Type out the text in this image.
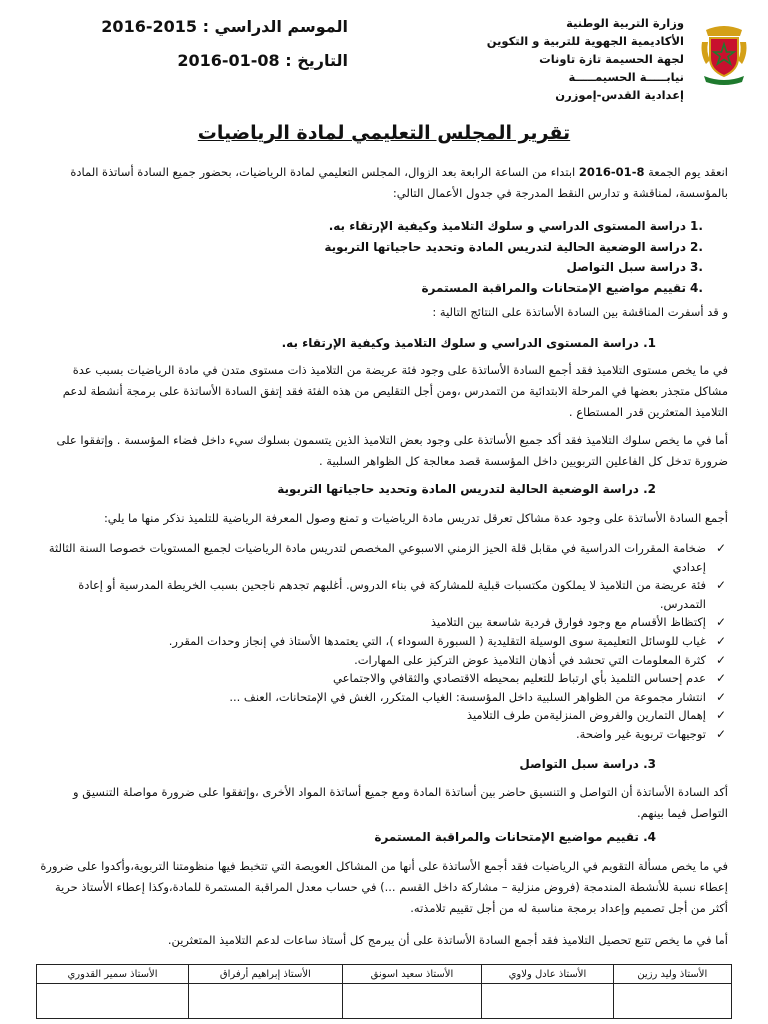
وزارة التربية الوطنية
الأكاديمية الجهوية للتربية و التكوين
لجهة الحسيمة تازة تاونات
نيابـــــة الحسيمـــــة
إعدادية القدس-إموزرن
الموسم الدراسي : 2015-2016
التاريخ : 08-01-2016
تقرير المجلس التعليمي لمادة الرياضيات
انعقد يوم الجمعة 8-01-2016 ابتداء من الساعة الرابعة بعد الزوال، المجلس التعليمي لمادة الرياضيات، بحضور جميع السادة أساتذة المادة بالمؤسسة، لمناقشة و تدارس النقط المدرجة في جدول الأعمال التالي:
.1
دراسة المستوى الدراسي و سلوك التلاميذ وكيفية الإرتقاء به.
.2
دراسة الوضعية الحالية لتدريس المادة وتحديد حاجياتها التربوية
.3
دراسة سبل التواصل
.4
تقييم مواضيع الإمتحانات والمراقبة المستمرة
و قد أسفرت المناقشة بين السادة الأساتذة على النتائج التالية :
1. دراسة المستوى الدراسي و سلوك التلاميذ وكيفية الإرتقاء به.
في ما يخص مستوى التلاميذ فقد أجمع السادة الأساتذة على وجود فئة عريضة من التلاميذ ذات مستوى متدن في مادة الرياضيات بسبب عدة مشاكل متجذر بعضها في المرحلة الابتدائية من التمدرس ،ومن أجل التقليص من هذه الفئة فقد إتفق السادة الأساتذة على برمجة أنشطة لدعم التلاميذ المتعثرين قدر المستطاع .
أما في ما يخص سلوك التلاميذ فقد أكد جميع الأساتذة على وجود بعض التلاميذ الذين يتسمون بسلوك سيء داخل فضاء المؤسسة . وإتفقوا على ضرورة تدخل كل الفاعلين التربويين داخل المؤسسة قصد معالجة كل الظواهر السلبية .
2. دراسة الوضعية الحالية لتدريس المادة وتحديد حاجياتها التربوية
أجمع السادة الأساتذة على وجود عدة مشاكل تعرقل تدريس مادة الرياضيات و تمنع وصول المعرفة الرياضية للتلميذ نذكر منها ما يلي:
✓
ضخامة المقررات الدراسية في مقابل قلة الحيز الزمني الاسبوعي المخصص لتدريس مادة الرياضيات لجميع المستويات خصوصا السنة الثالثة إعدادي
✓
فئة عريضة من التلاميذ لا يملكون مكتسبات قبلية للمشاركة في بناء الدروس. أغلبهم تجدهم ناجحين بسبب الخريطة المدرسية أو إعادة التمدرس.
✓
إكتظاظ الأقسام مع وجود فوارق فردية شاسعة بين التلاميذ
✓
غياب للوسائل التعليمية سوى الوسيلة التقليدية ( السبورة السوداء )، التي يعتمدها الأستاذ في إنجاز وحدات المقرر.
✓
كثرة المعلومات التي تحشد في أذهان التلاميذ عوض التركيز على المهارات.
✓
عدم إحساس التلميذ بأي ارتباط للتعليم بمحيطه الاقتصادي والثقافي والاجتماعي
✓
انتشار مجموعة من الظواهر السلبية داخل المؤسسة: الغياب المتكرر، الغش في الإمتحانات، العنف ...
✓
إهمال التمارين والفروض المنزليةمن طرف التلاميذ
✓
توجيهات تربوية غير واضحة.
3. دراسة سبل التواصل
أكد السادة الأساتذة أن التواصل و التنسيق حاضر بين أساتذة المادة ومع جميع أساتذة المواد الأخرى ،وإتفقوا على ضرورة مواصلة التنسيق و التواصل فيما بينهم.
4. تقييم مواضيع الإمتحانات والمراقبة المستمرة
في ما يخص مسألة التقويم في الرياضيات فقد أجمع الأساتذة على أنها من المشاكل العويصة التي تتخبط فيها منظومتنا التربوية،وأكدوا على ضرورة إعطاء نسبة للأنشطة المندمجة (فروض منزلية – مشاركة داخل القسم ...) في حساب معدل المراقبة المستمرة للمادة،وكذا إعطاء الأستاذ حرية أكثر من أجل تصميم وإعداد برمجة مناسبة له من أجل تقييم تلامذته.
أما في ما يخص تتبع تحصيل التلاميذ فقد أجمع السادة الأساتذة على أن يبرمج كل أستاذ ساعات لدعم التلاميذ المتعثرين.
الأستاذ وليد رزين	الأستاذ عادل ولاوي	الأستاذ سعيد اسونق	الأستاذ إبراهيم أرفراق	الأستاذ سمير القدوري
